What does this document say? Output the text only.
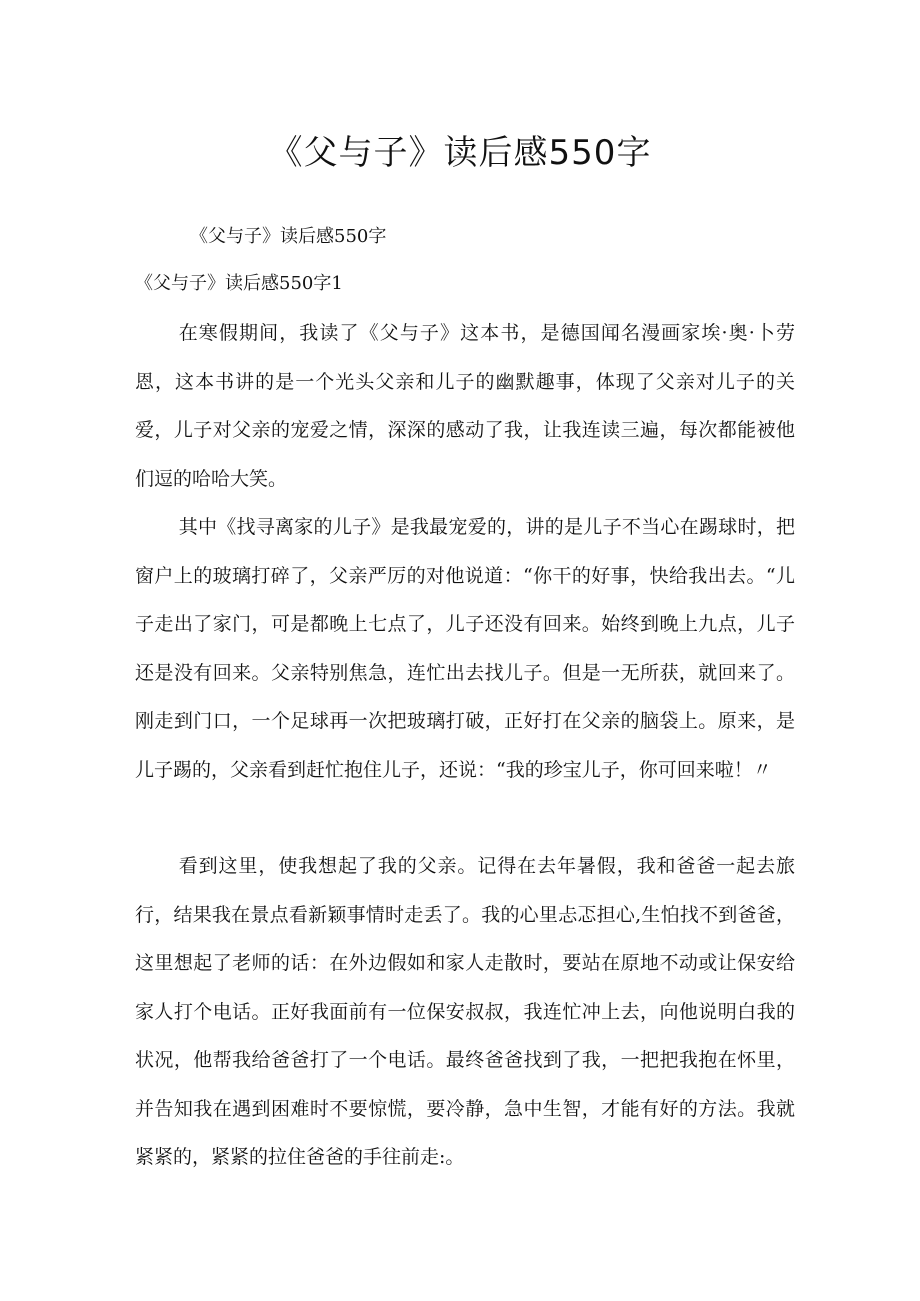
《父与子》读后感550字
《父与子》读后感550字
《父与子》读后感550字1

在寒假期间，我读了《父与子》这本书，是德国闻名漫画家埃·奥·卜劳恩，这本书讲的是一个光头父亲和儿子的幽默趣事，体现了父亲对儿子的关爱，儿子对父亲的宠爱之情，深深的感动了我，让我连读三遍，每次都能被他们逗的哈哈大笑。

其中《找寻离家的儿子》是我最宠爱的，讲的是儿子不当心在踢球时，把窗户上的玻璃打碎了，父亲严厉的对他说道：“你干的好事，快给我出去。“儿子走出了家门，可是都晚上七点了，儿子还没有回来。始终到晚上九点，儿子还是没有回来。父亲特别焦急，连忙出去找儿子。但是一无所获，就回来了。刚走到门口，一个足球再一次把玻璃打破，正好打在父亲的脑袋上。原来，是儿子踢的，父亲看到赶忙抱住儿子，还说：“我的珍宝儿子，你可回来啦！〃

看到这里，使我想起了我的父亲。记得在去年暑假，我和爸爸一起去旅行，结果我在景点看新颖事情时走丢了。我的心里忐忑担心,生怕找不到爸爸，这里想起了老师的话：在外边假如和家人走散时，要站在原地不动或让保安给家人打个电话。正好我面前有一位保安叔叔，我连忙冲上去，向他说明白我的状况，他帮我给爸爸打了一个电话。最终爸爸找到了我，一把把我抱在怀里，并告知我在遇到困难时不要惊慌，要冷静，急中生智，才能有好的方法。我就紧紧的，紧紧的拉住爸爸的手往前走:。
